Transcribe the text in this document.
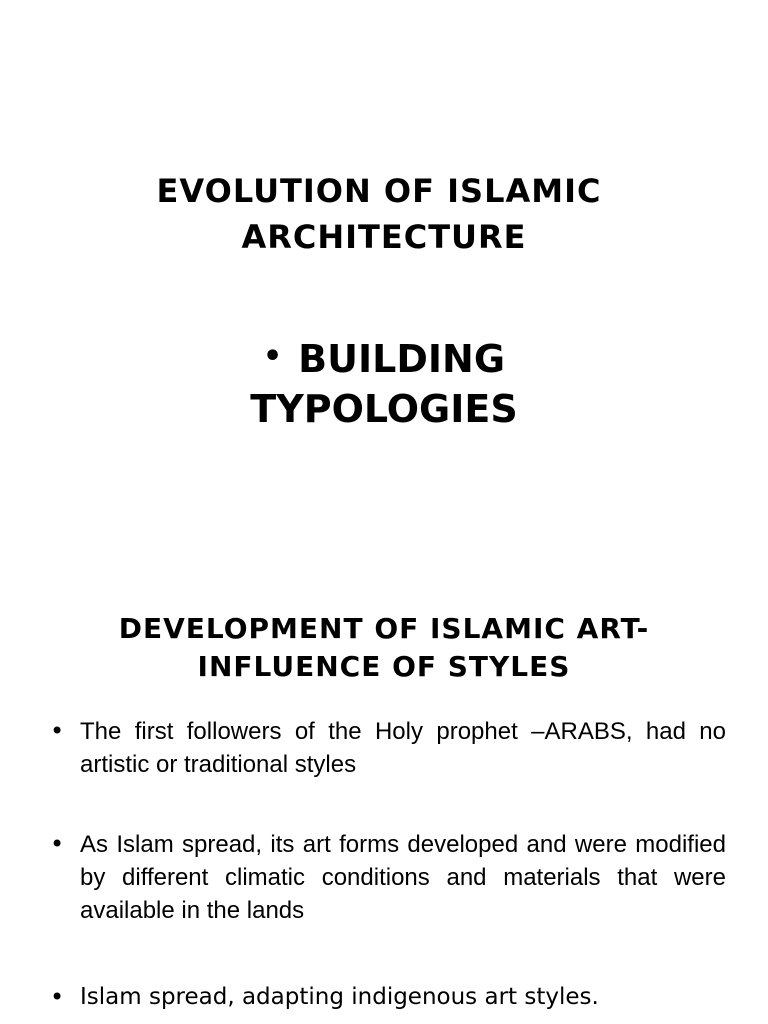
EVOLUTION OF ISLAMIC
ARCHITECTURE
• BUILDING
TYPOLOGIES
DEVELOPMENT OF ISLAMIC ART-
INFLUENCE OF STYLES
• The first followers of the Holy prophet –ARABS, had no artistic or traditional styles
• As Islam spread, its art forms developed and were modified by different climatic conditions and materials that were available in the lands
• Islam spread, adapting indigenous art styles.
